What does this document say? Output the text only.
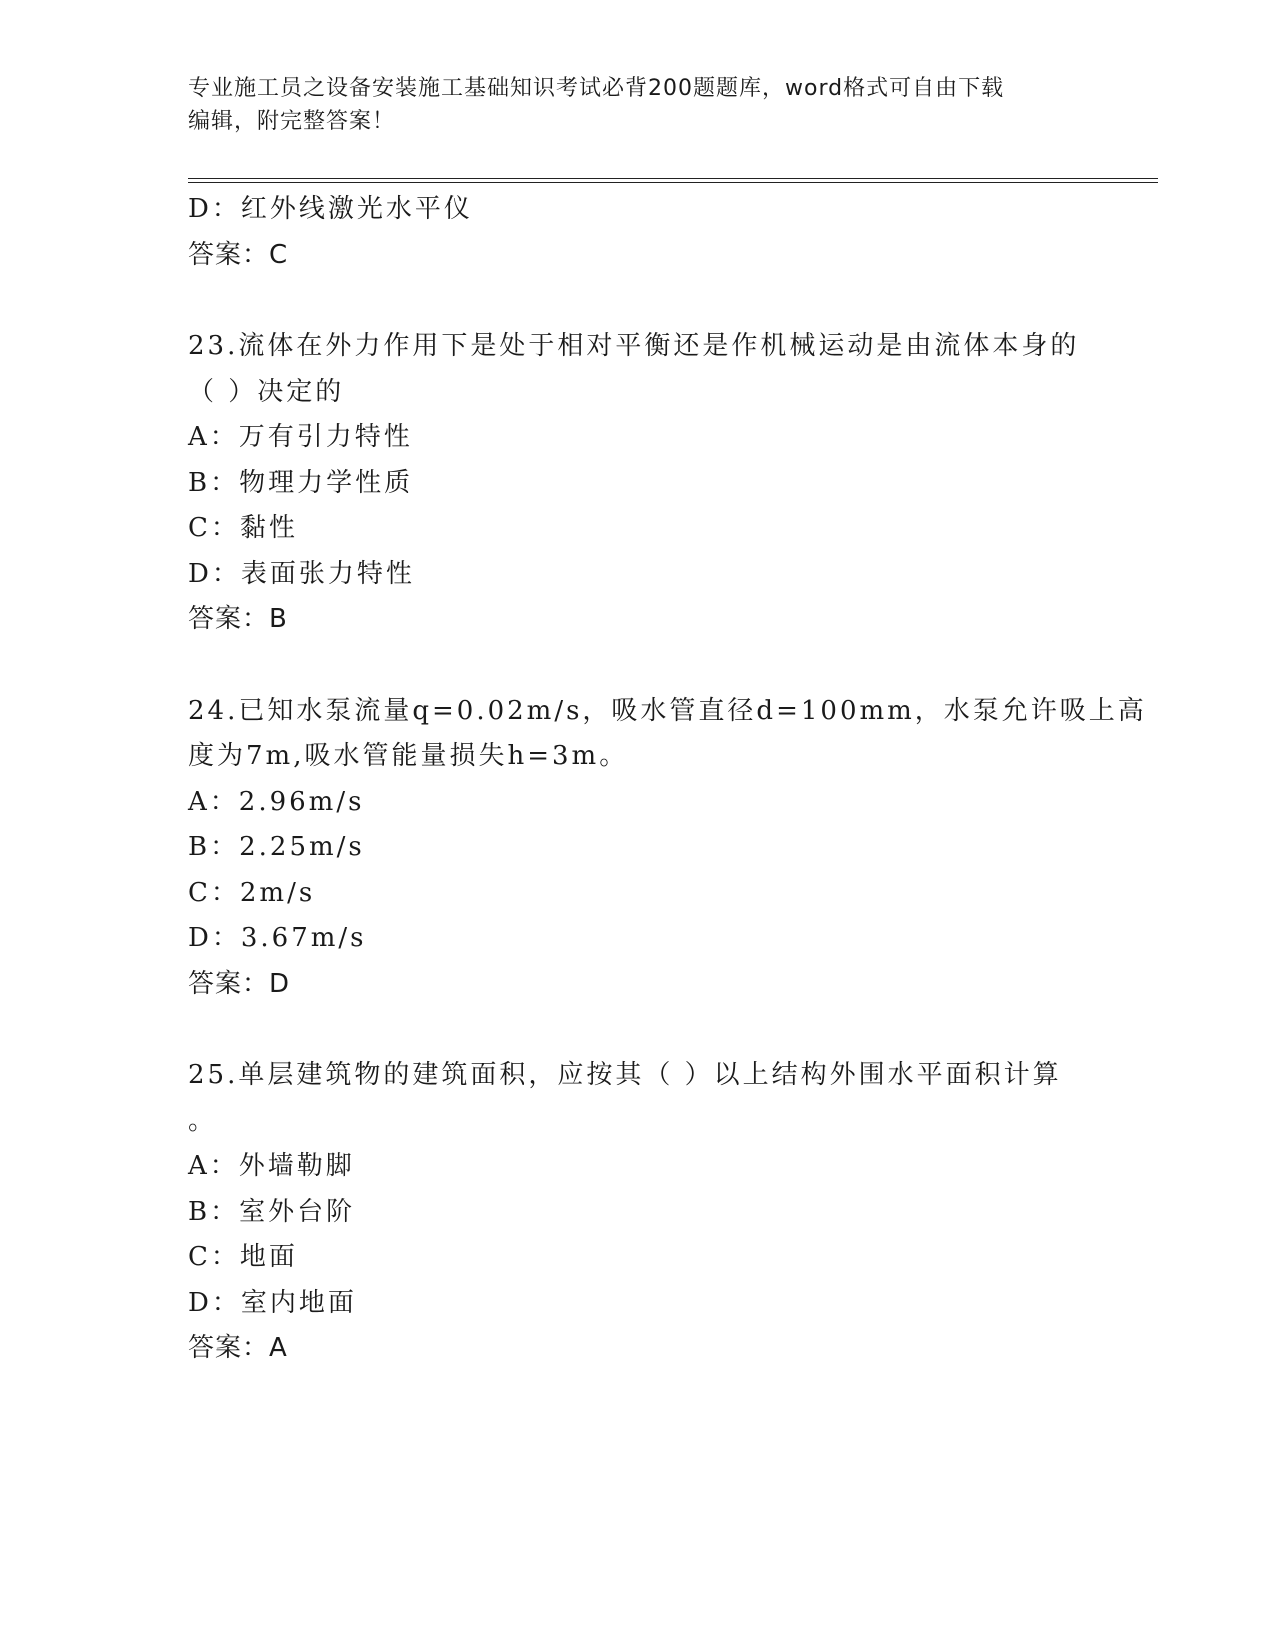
专业施工员之设备安装施工基础知识考试必背200题题库，word格式可自由下载
编辑，附完整答案！
D：红外线激光水平仪
答案：C
23.流体在外力作用下是处于相对平衡还是作机械运动是由流体本身的
（ ）决定的
A：万有引力特性
B：物理力学性质
C：黏性
D：表面张力特性
答案：B
24.已知水泵流量q=0.02m/s，吸水管直径d=100mm，水泵允许吸上高
度为7m,吸水管能量损失h=3m。
A：2.96m/s
B：2.25m/s
C：2m/s
D：3.67m/s
答案：D
25.单层建筑物的建筑面积，应按其（ ）以上结构外围水平面积计算
。
A：外墙勒脚
B：室外台阶
C：地面
D：室内地面
答案：A
